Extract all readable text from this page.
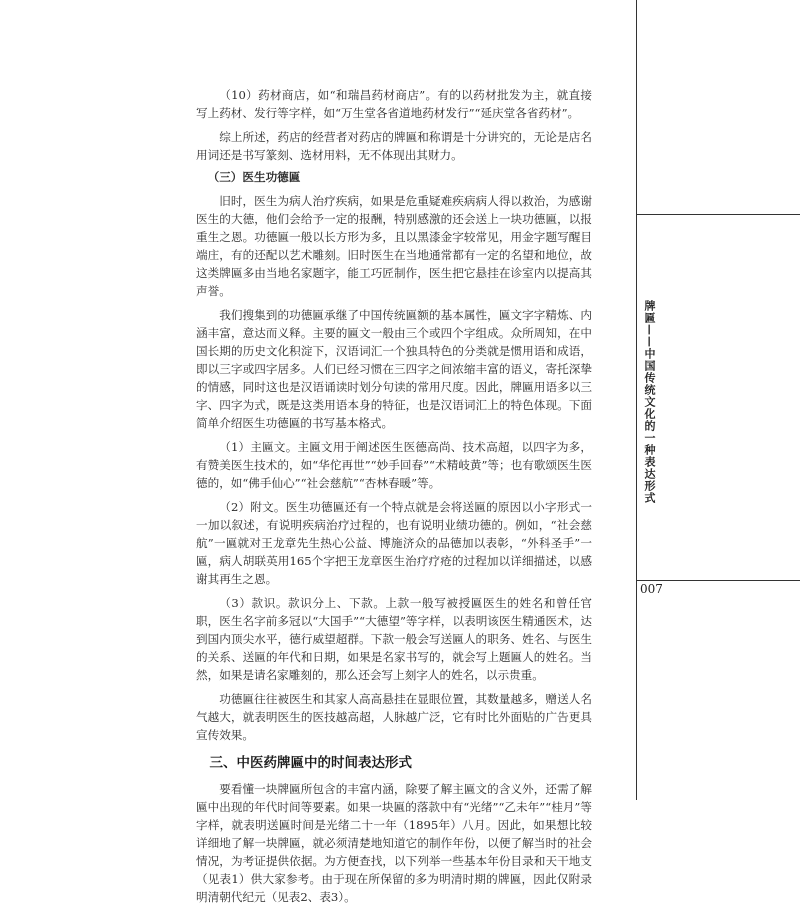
牌匾——中国传统文化的一种表达形式
007

（10）药材商店，如“和瑞昌药材商店”。有的以药材批发为主，就直接写上药材、发行等字样，如“万生堂各省道地药材发行”“延庆堂各省药材”。

综上所述，药店的经营者对药店的牌匾和称谓是十分讲究的，无论是店名用词还是书写篆刻、选材用料，无不体现出其财力。

（三）医生功德匾

旧时，医生为病人治疗疾病，如果是危重疑难疾病病人得以救治，为感谢医生的大德，他们会给予一定的报酬，特别感激的还会送上一块功德匾，以报重生之恩。功德匾一般以长方形为多，且以黑漆金字较常见，用金字题写醒目端庄，有的还配以艺术雕刻。旧时医生在当地通常都有一定的名望和地位，故这类牌匾多由当地名家题字，能工巧匠制作，医生把它悬挂在诊室内以提高其声誉。

我们搜集到的功德匾承继了中国传统匾额的基本属性，匾文字字精炼、内涵丰富，意达而义释。主要的匾文一般由三个或四个字组成。众所周知，在中国长期的历史文化积淀下，汉语词汇一个独具特色的分类就是惯用语和成语，即以三字或四字居多。人们已经习惯在三四字之间浓缩丰富的语义，寄托深挚的情感，同时这也是汉语诵读时划分句读的常用尺度。因此，牌匾用语多以三字、四字为式，既是这类用语本身的特征，也是汉语词汇上的特色体现。下面简单介绍医生功德匾的书写基本格式。

（1）主匾文。主匾文用于阐述医生医德高尚、技术高超，以四字为多，有赞美医生技术的，如“华佗再世”“妙手回春”“术精岐黄”等；也有歌颂医生医德的，如“佛手仙心”“社会慈航”“杏林春暖”等。

（2）附文。医生功德匾还有一个特点就是会将送匾的原因以小字形式一一加以叙述，有说明疾病治疗过程的，也有说明业绩功德的。例如，“社会慈航”一匾就对王龙章先生热心公益、博施济众的品德加以表彰，“外科圣手”一匾，病人胡联英用165个字把王龙章医生治疗疗疮的过程加以详细描述，以感谢其再生之恩。

（3）款识。款识分上、下款。上款一般写被授匾医生的姓名和曾任官职，医生名字前多冠以“大国手”“大德望”等字样，以表明该医生精通医术，达到国内顶尖水平，德行威望超群。下款一般会写送匾人的职务、姓名、与医生的关系、送匾的年代和日期，如果是名家书写的，就会写上题匾人的姓名。当然，如果是请名家雕刻的，那么还会写上刻字人的姓名，以示贵重。

功德匾往往被医生和其家人高高悬挂在显眼位置，其数量越多，赠送人名气越大，就表明医生的医技越高超，人脉越广泛，它有时比外面贴的广告更具宣传效果。

三、中医药牌匾中的时间表达形式

要看懂一块牌匾所包含的丰富内涵，除要了解主匾文的含义外，还需了解匾中出现的年代时间等要素。如果一块匾的落款中有“光绪”“乙未年”“桂月”等字样，就表明送匾时间是光绪二十一年（1895年）八月。因此，如果想比较详细地了解一块牌匾，就必须清楚地知道它的制作年份，以便了解当时的社会情况，为考证提供依据。为方便查找，以下列举一些基本年份目录和天干地支（见表1）供大家参考。由于现在所保留的多为明清时期的牌匾，因此仅附录明清朝代纪元（见表2、表3）。
